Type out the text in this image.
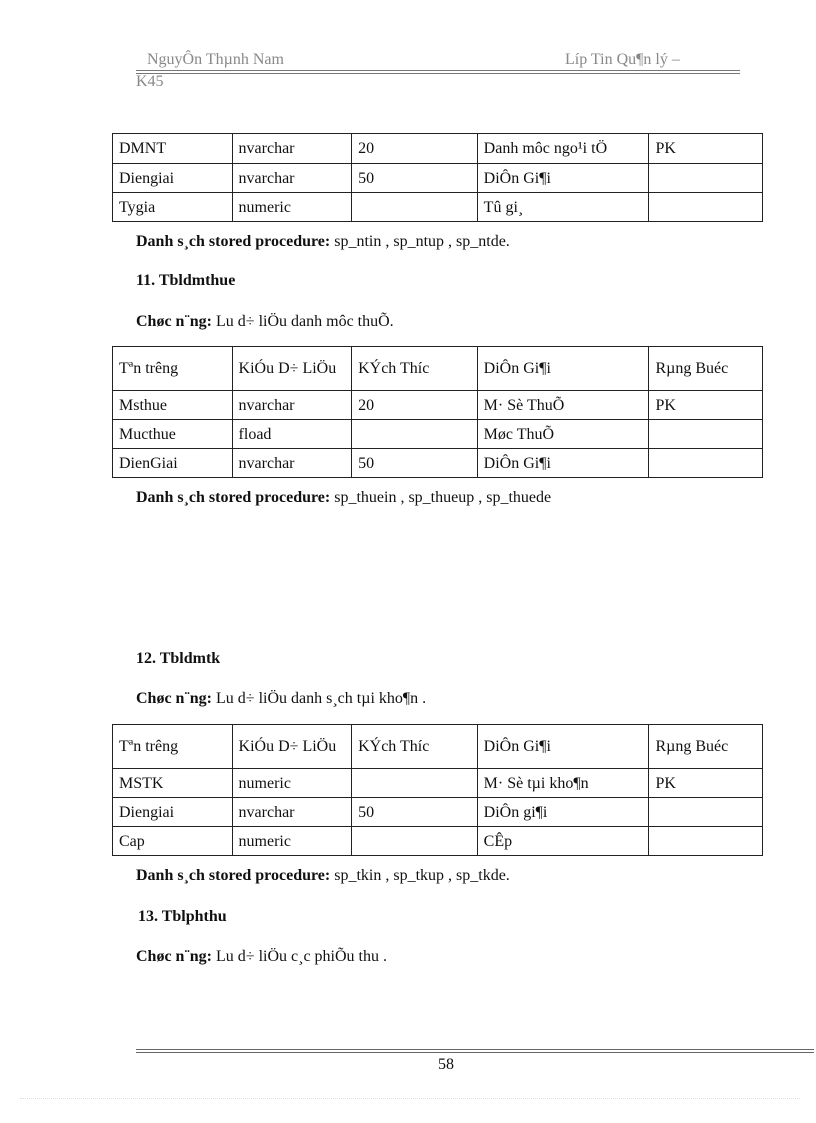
NguyÔn Thµnh Nam	Líp Tin Qu¶n lý –
K45
DMNT	nvarchar	20	Danh môc ngo¹i tÖ	PK
Diengiai	nvarchar	50	DiÔn Gi¶i	
Tygia	numeric		Tû gi¸	
Danh s¸ch stored procedure: sp_ntin , sp_ntup , sp_ntde.
11. Tbldmthue
Chøc n¨ng: Lu d÷ liÖu danh môc thuÕ.
Tªn trêng	KiÓu D÷ LiÖu	KÝch Thíc	DiÔn Gi¶i	Rµng Buéc
Msthue	nvarchar	20	M· Sè ThuÕ	PK
Mucthue	fload		Møc ThuÕ	
DienGiai	nvarchar	50	DiÔn Gi¶i	
Danh s¸ch stored procedure: sp_thuein , sp_thueup , sp_thuede
12. Tbldmtk
Chøc n¨ng: Lu d÷ liÖu danh s¸ch tµi kho¶n .
Tªn trêng	KiÓu D÷ LiÖu	KÝch Thíc	DiÔn Gi¶i	Rµng Buéc
MSTK	numeric		M· Sè tµi kho¶n	PK
Diengiai	nvarchar	50	DiÔn gi¶i	
Cap	numeric		CÊp	
Danh s¸ch stored procedure: sp_tkin , sp_tkup , sp_tkde.
13. Tblphthu
Chøc n¨ng: Lu d÷ liÖu c¸c phiÕu thu .
58
